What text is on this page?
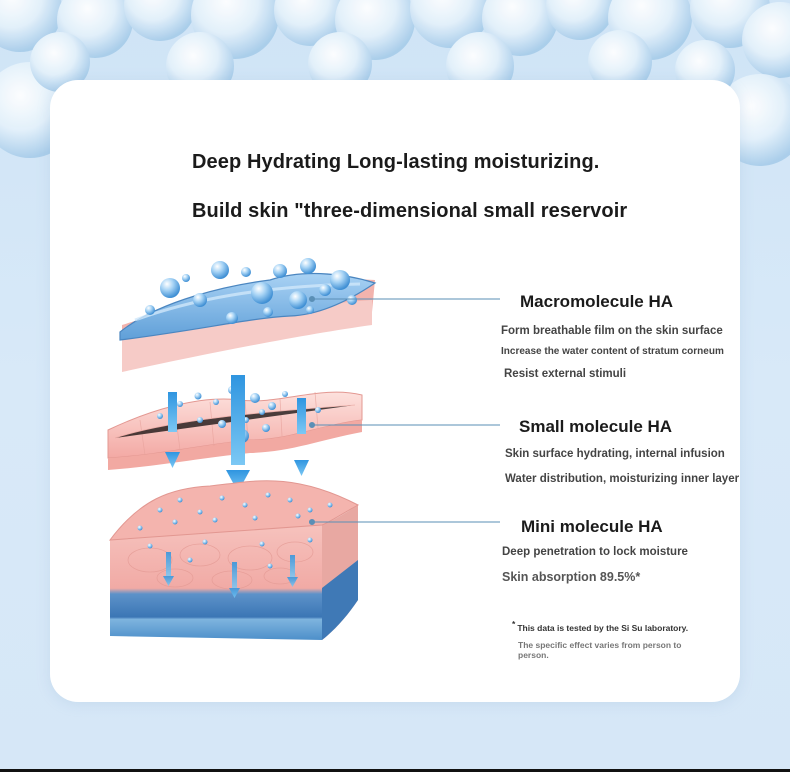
Deep Hydrating Long-lasting moisturizing.
Build skin "three-dimensional small reservoir
Macromolecule HA
Form breathable film on the skin surface
Increase the water content of stratum corneum
Resist external stimuli
Small molecule HA
Skin surface hydrating, internal infusion
Water distribution, moisturizing inner layer
Mini molecule HA
Deep penetration to lock moisture
Skin absorption 89.5%*
* This data is tested by the Si Su laboratory.
The specific effect varies from person to person.
